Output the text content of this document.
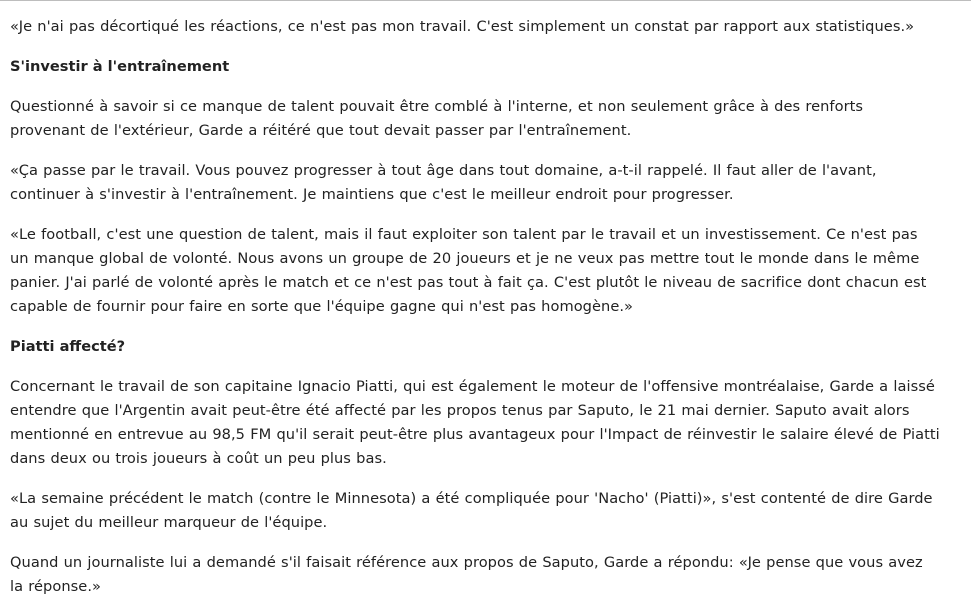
«Je n'ai pas décortiqué les réactions, ce n'est pas mon travail. C'est simplement un constat par rapport aux statistiques.»

S'investir à l'entraînement

Questionné à savoir si ce manque de talent pouvait être comblé à l'interne, et non seulement grâce à des renforts provenant de l'extérieur, Garde a réitéré que tout devait passer par l'entraînement.

«Ça passe par le travail. Vous pouvez progresser à tout âge dans tout domaine, a-t-il rappelé. Il faut aller de l'avant, continuer à s'investir à l'entraînement. Je maintiens que c'est le meilleur endroit pour progresser.

«Le football, c'est une question de talent, mais il faut exploiter son talent par le travail et un investissement. Ce n'est pas un manque global de volonté. Nous avons un groupe de 20 joueurs et je ne veux pas mettre tout le monde dans le même panier. J'ai parlé de volonté après le match et ce n'est pas tout à fait ça. C'est plutôt le niveau de sacrifice dont chacun est capable de fournir pour faire en sorte que l'équipe gagne qui n'est pas homogène.»

Piatti affecté?

Concernant le travail de son capitaine Ignacio Piatti, qui est également le moteur de l'offensive montréalaise, Garde a laissé entendre que l'Argentin avait peut-être été affecté par les propos tenus par Saputo, le 21 mai dernier. Saputo avait alors mentionné en entrevue au 98,5 FM qu'il serait peut-être plus avantageux pour l'Impact de réinvestir le salaire élevé de Piatti dans deux ou trois joueurs à coût un peu plus bas.

«La semaine précédent le match (contre le Minnesota) a été compliquée pour 'Nacho' (Piatti)», s'est contenté de dire Garde au sujet du meilleur marqueur de l'équipe.

Quand un journaliste lui a demandé s'il faisait référence aux propos de Saputo, Garde a répondu: «Je pense que vous avez la réponse.»
